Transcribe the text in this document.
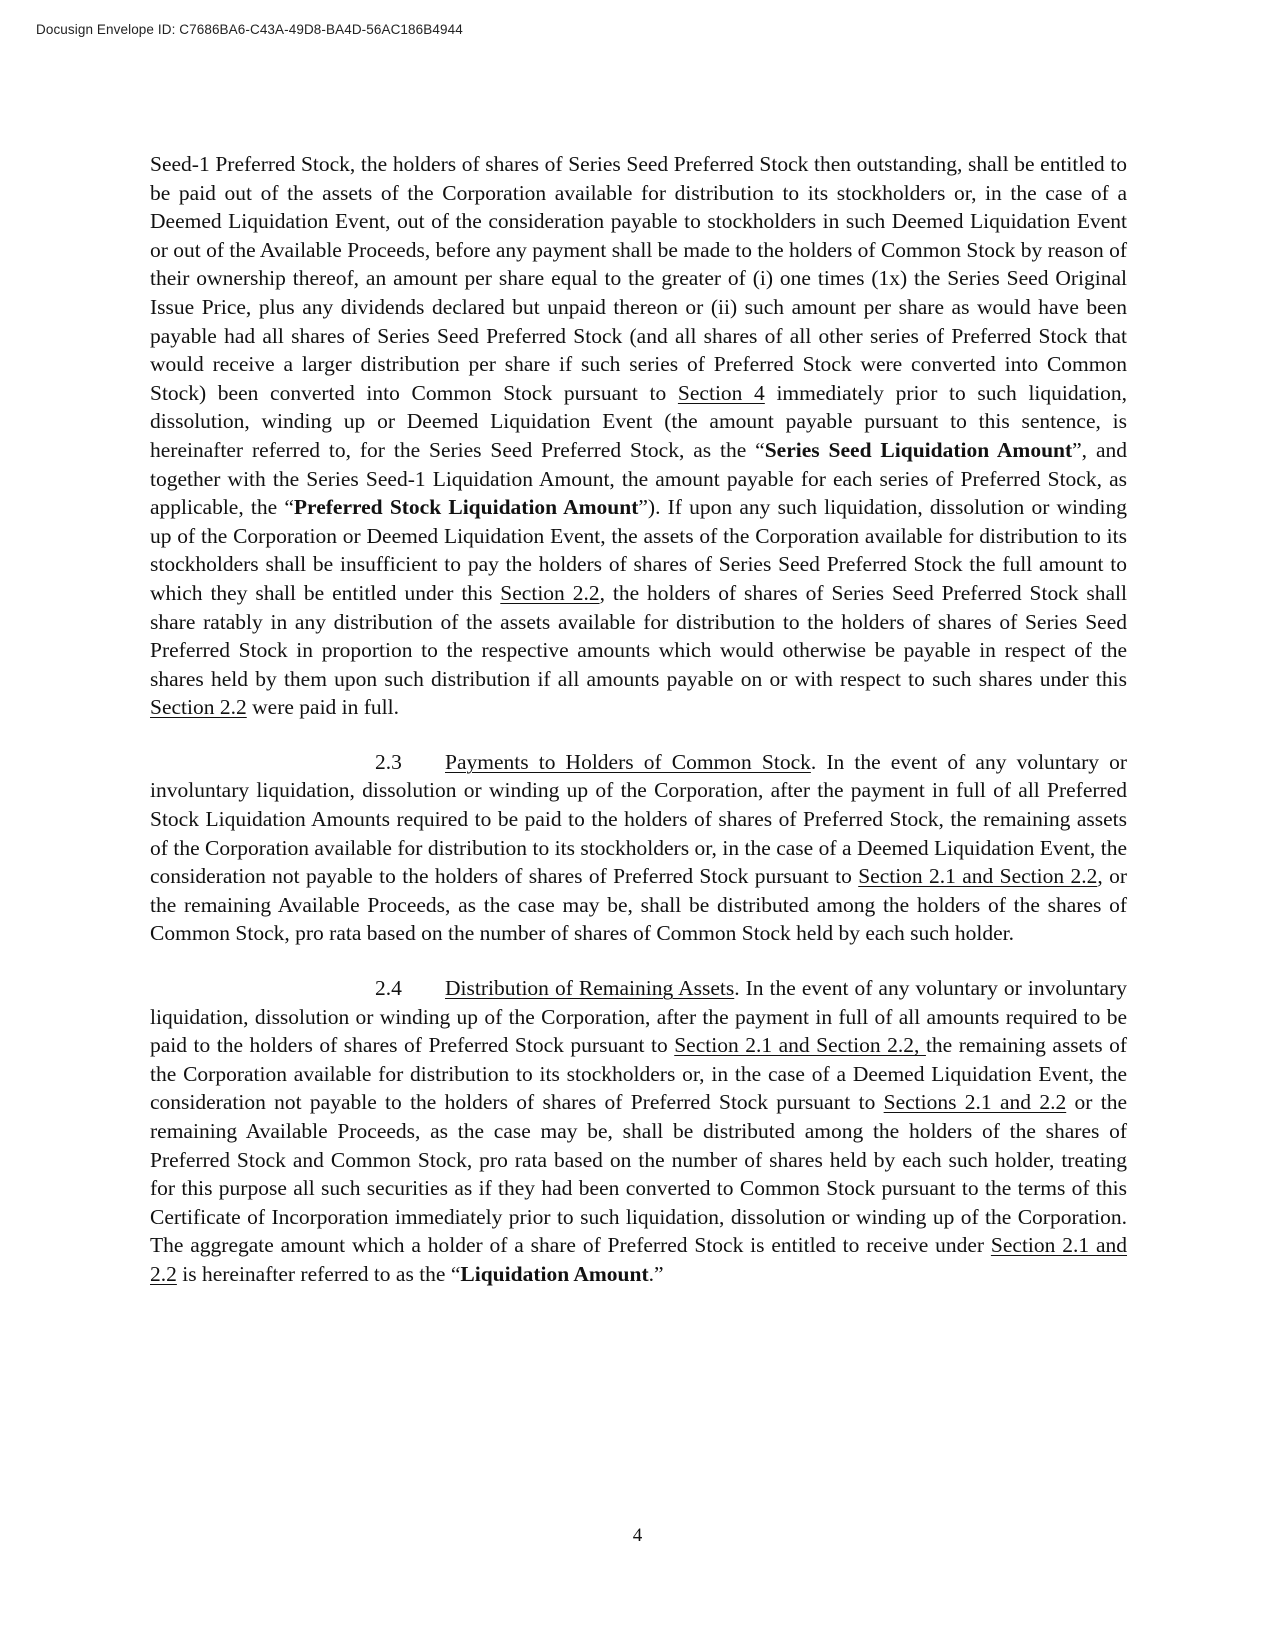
Docusign Envelope ID: C7686BA6-C43A-49D8-BA4D-56AC186B4944

Seed-1 Preferred Stock, the holders of shares of Series Seed Preferred Stock then outstanding, shall be entitled to be paid out of the assets of the Corporation available for distribution to its stockholders or, in the case of a Deemed Liquidation Event, out of the consideration payable to stockholders in such Deemed Liquidation Event or out of the Available Proceeds, before any payment shall be made to the holders of Common Stock by reason of their ownership thereof, an amount per share equal to the greater of (i) one times (1x) the Series Seed Original Issue Price, plus any dividends declared but unpaid thereon or (ii) such amount per share as would have been payable had all shares of Series Seed Preferred Stock (and all shares of all other series of Preferred Stock that would receive a larger distribution per share if such series of Preferred Stock were converted into Common Stock) been converted into Common Stock pursuant to Section 4 immediately prior to such liquidation, dissolution, winding up or Deemed Liquidation Event (the amount payable pursuant to this sentence, is hereinafter referred to, for the Series Seed Preferred Stock, as the “Series Seed Liquidation Amount”, and together with the Series Seed-1 Liquidation Amount, the amount payable for each series of Preferred Stock, as applicable, the “Preferred Stock Liquidation Amount”). If upon any such liquidation, dissolution or winding up of the Corporation or Deemed Liquidation Event, the assets of the Corporation available for distribution to its stockholders shall be insufficient to pay the holders of shares of Series Seed Preferred Stock the full amount to which they shall be entitled under this Section 2.2, the holders of shares of Series Seed Preferred Stock shall share ratably in any distribution of the assets available for distribution to the holders of shares of Series Seed Preferred Stock in proportion to the respective amounts which would otherwise be payable in respect of the shares held by them upon such distribution if all amounts payable on or with respect to such shares under this Section 2.2 were paid in full.

2.3 Payments to Holders of Common Stock. In the event of any voluntary or involuntary liquidation, dissolution or winding up of the Corporation, after the payment in full of all Preferred Stock Liquidation Amounts required to be paid to the holders of shares of Preferred Stock, the remaining assets of the Corporation available for distribution to its stockholders or, in the case of a Deemed Liquidation Event, the consideration not payable to the holders of shares of Preferred Stock pursuant to Section 2.1 and Section 2.2, or the remaining Available Proceeds, as the case may be, shall be distributed among the holders of the shares of Common Stock, pro rata based on the number of shares of Common Stock held by each such holder.

2.4 Distribution of Remaining Assets. In the event of any voluntary or involuntary liquidation, dissolution or winding up of the Corporation, after the payment in full of all amounts required to be paid to the holders of shares of Preferred Stock pursuant to Section 2.1 and Section 2.2, the remaining assets of the Corporation available for distribution to its stockholders or, in the case of a Deemed Liquidation Event, the consideration not payable to the holders of shares of Preferred Stock pursuant to Sections 2.1 and 2.2 or the remaining Available Proceeds, as the case may be, shall be distributed among the holders of the shares of Preferred Stock and Common Stock, pro rata based on the number of shares held by each such holder, treating for this purpose all such securities as if they had been converted to Common Stock pursuant to the terms of this Certificate of Incorporation immediately prior to such liquidation, dissolution or winding up of the Corporation. The aggregate amount which a holder of a share of Preferred Stock is entitled to receive under Section 2.1 and 2.2 is hereinafter referred to as the “Liquidation Amount.”

4
